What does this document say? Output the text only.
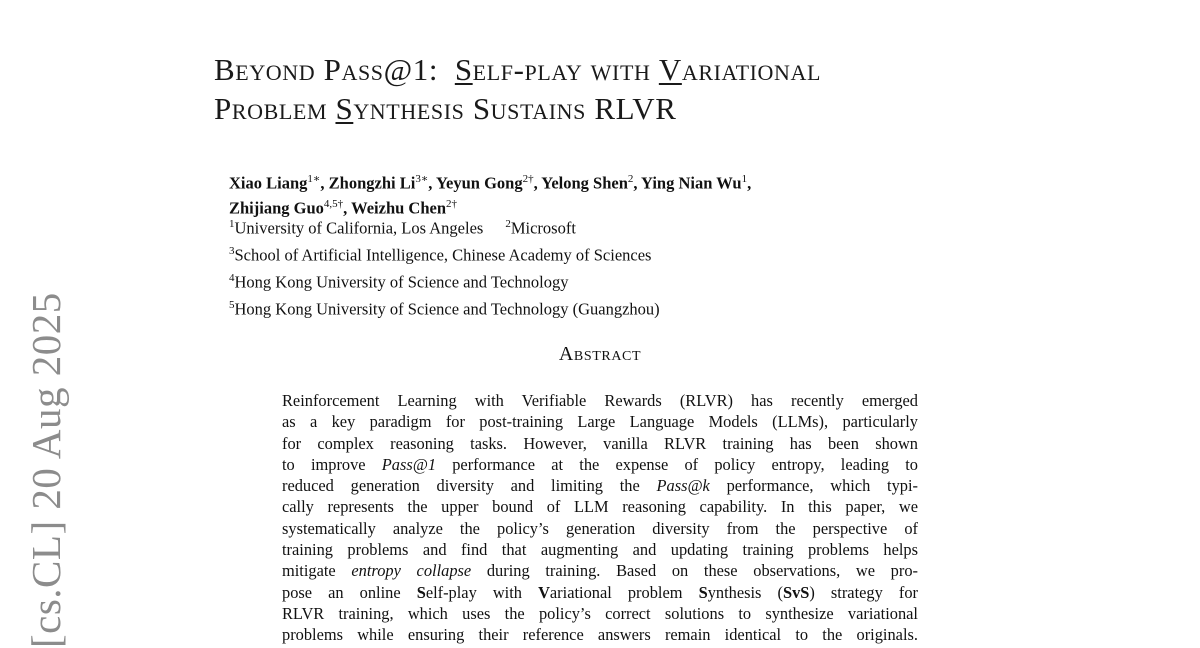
[cs.CL] 20 Aug 2025
Beyond Pass@1: Self-play with Variational
Problem Synthesis Sustains RLVR
Xiao Liang$^{1∗}$, Zhongzhi $Li^{3∗}$, Yeyun Gong$^{2\dagger}$, Yelong Shen$^2$, Ying Nian Wu$^1$,
Zhijiang Guo$^{4,5\dagger}$, Weizhu Chen$^{2\dagger}$
$^1$University of California, Los Angeles $^2$Microsoft
$^3$School of Artificial Intelligence, Chinese Academy of Sciences
$^4$Hong Kong University of Science and Technology
$^5$Hong Kong University of Science and Technology (Guangzhou)
Abstract
Reinforcement Learning with Verifiable Rewards (RLVR) has recently emerged
as a key paradigm for post-training Large Language Models (LLMs), particularly
for complex reasoning tasks. However, vanilla RLVR training has been shown
to improve Pass@1 performance at the expense of policy entropy, leading to
reduced generation diversity and limiting the Pass@k performance, which typi-
cally represents the upper bound of LLM reasoning capability. In this paper, we
systematically analyze the policy’s generation diversity from the perspective of
training problems and find that augmenting and updating training problems helps
mitigate entropy collapse during training. Based on these observations, we pro-
pose an online Self-play with Variational problem Synthesis (SvS) strategy for
RLVR training, which uses the policy’s correct solutions to synthesize variational
problems while ensuring their reference answers remain identical to the originals.
